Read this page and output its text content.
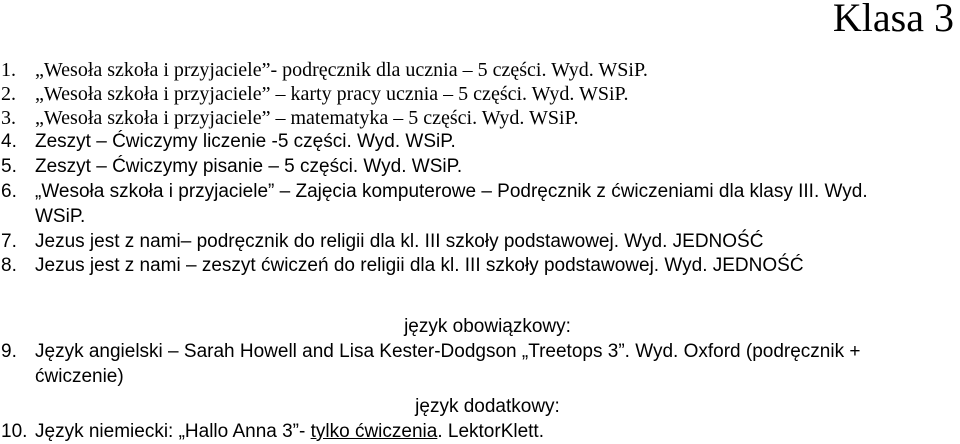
Klasa 3
1. „Wesoła szkoła i przyjaciele”- podręcznik dla ucznia – 5 części. Wyd. WSiP.
2. „Wesoła szkoła i przyjaciele” – karty pracy ucznia – 5 części. Wyd. WSiP.
3. „Wesoła szkoła i przyjaciele” – matematyka – 5 części. Wyd. WSiP.
4. Zeszyt – Ćwiczymy liczenie -5 części. Wyd. WSiP.
5. Zeszyt – Ćwiczymy pisanie – 5 części. Wyd. WSiP.
6. „Wesoła szkoła i przyjaciele” – Zajęcia komputerowe – Podręcznik z ćwiczeniami dla klasy III. Wyd.
WSiP.
7. Jezus jest z nami– podręcznik do religii dla kl. III szkoły podstawowej. Wyd. JEDNOŚĆ
8. Jezus jest z nami – zeszyt ćwiczeń do religii dla kl. III szkoły podstawowej. Wyd. JEDNOŚĆ
język obowiązkowy:
9. Język angielski – Sarah Howell and Lisa Kester-Dodgson „Treetops 3”. Wyd. Oxford (podręcznik +
ćwiczenie)
język dodatkowy:
10. Język niemiecki: „Hallo Anna 3”- tylko ćwiczenia. LektorKlett.
